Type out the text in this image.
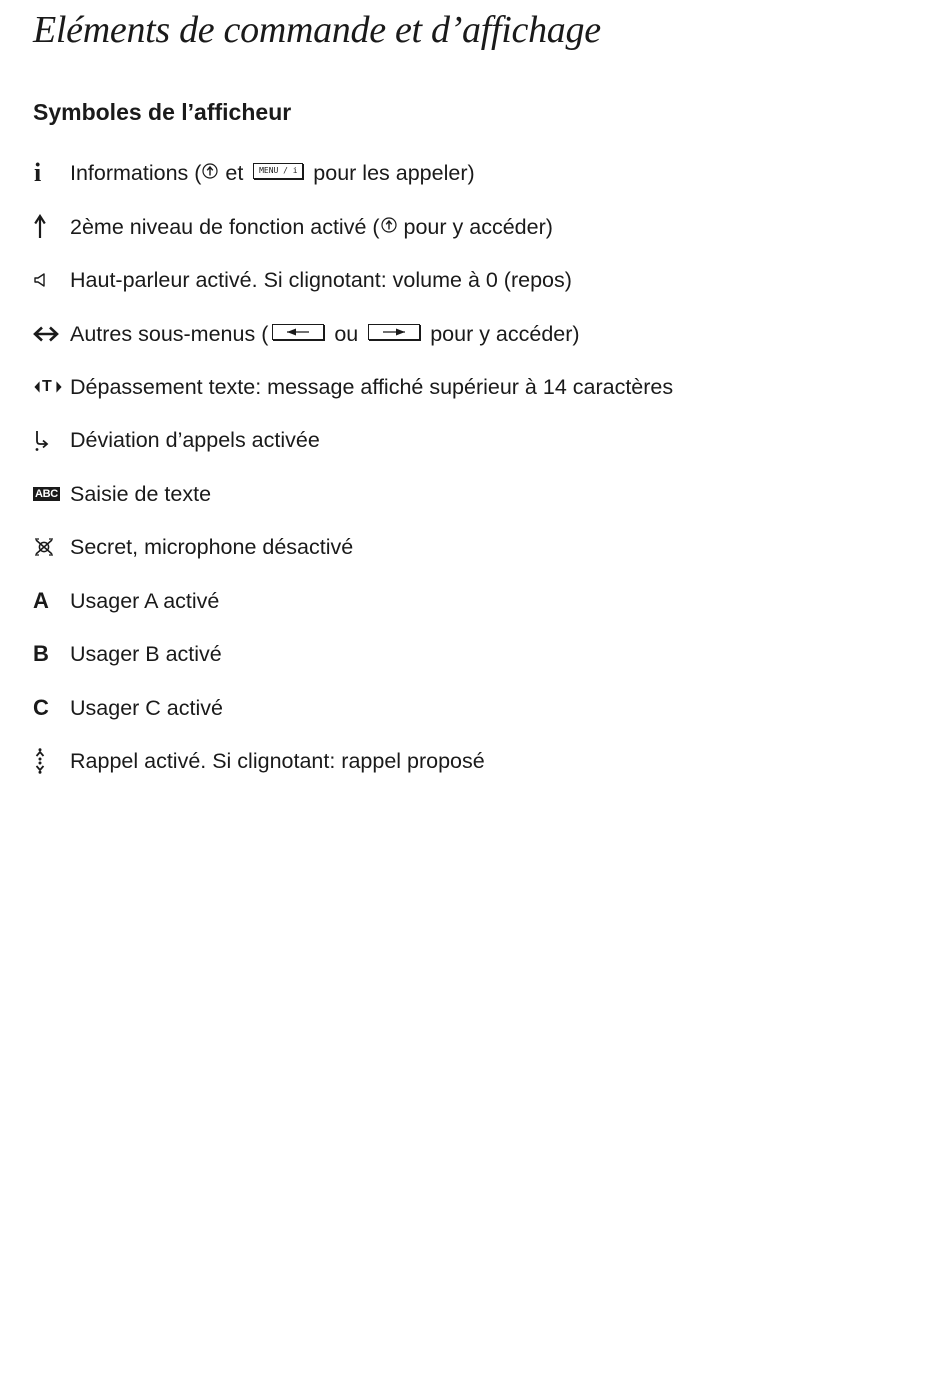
Eléments de commande et d’affichage
Symboles de l’afficheur
i Informations ( et MENU / i pour les appeler)
2ème niveau de fonction activé ( pour y accéder)
Haut-parleur activé. Si clignotant: volume à 0 (repos)
Autres sous-menus (	ou	pour y accéder)
T Dépassement texte: message affiché supérieur à 14 caractères
Déviation d’appels activée
ABC Saisie de texte
Secret, microphone désactivé
A Usager A activé
B Usager B activé
C Usager C activé
Rappel activé. Si clignotant: rappel proposé
